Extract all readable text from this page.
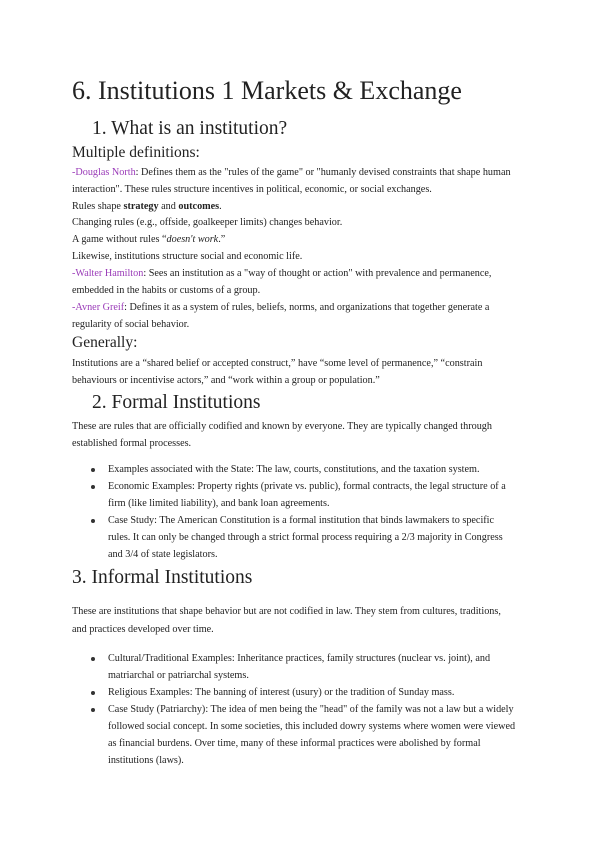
6. Institutions 1 Markets & Exchange
1. What is an institution?
Multiple definitions:
-Douglas North: Defines them as the "rules of the game" or "humanly devised constraints that shape human
interaction". These rules structure incentives in political, economic, or social exchanges.
Rules shape strategy and outcomes.
Changing rules (e.g., offside, goalkeeper limits) changes behavior.
A game without rules “doesn't work.”
Likewise, institutions structure social and economic life.
-Walter Hamilton: Sees an institution as a "way of thought or action" with prevalence and permanence,
embedded in the habits or customs of a group.
-Avner Greif: Defines it as a system of rules, beliefs, norms, and organizations that together generate a
regularity of social behavior.
Generally:
Institutions are a “shared belief or accepted construct,” have “some level of permanence,” “constrain
behaviours or incentivise actors,” and “work within a group or population.”
2. Formal Institutions
These are rules that are officially codified and known by everyone. They are typically changed through
established formal processes.
Examples associated with the State: The law, courts, constitutions, and the taxation system.
Economic Examples: Property rights (private vs. public), formal contracts, the legal structure of a
firm (like limited liability), and bank loan agreements.
Case Study: The American Constitution is a formal institution that binds lawmakers to specific
rules. It can only be changed through a strict formal process requiring a 2/3 majority in Congress
and 3/4 of state legislators.
3. Informal Institutions
These are institutions that shape behavior but are not codified in law. They stem from cultures, traditions,
and practices developed over time.
Cultural/Traditional Examples: Inheritance practices, family structures (nuclear vs. joint), and
matriarchal or patriarchal systems.
Religious Examples: The banning of interest (usury) or the tradition of Sunday mass.
Case Study (Patriarchy): The idea of men being the "head" of the family was not a law but a widely
followed social concept. In some societies, this included dowry systems where women were viewed
as financial burdens. Over time, many of these informal practices were abolished by formal
institutions (laws).
